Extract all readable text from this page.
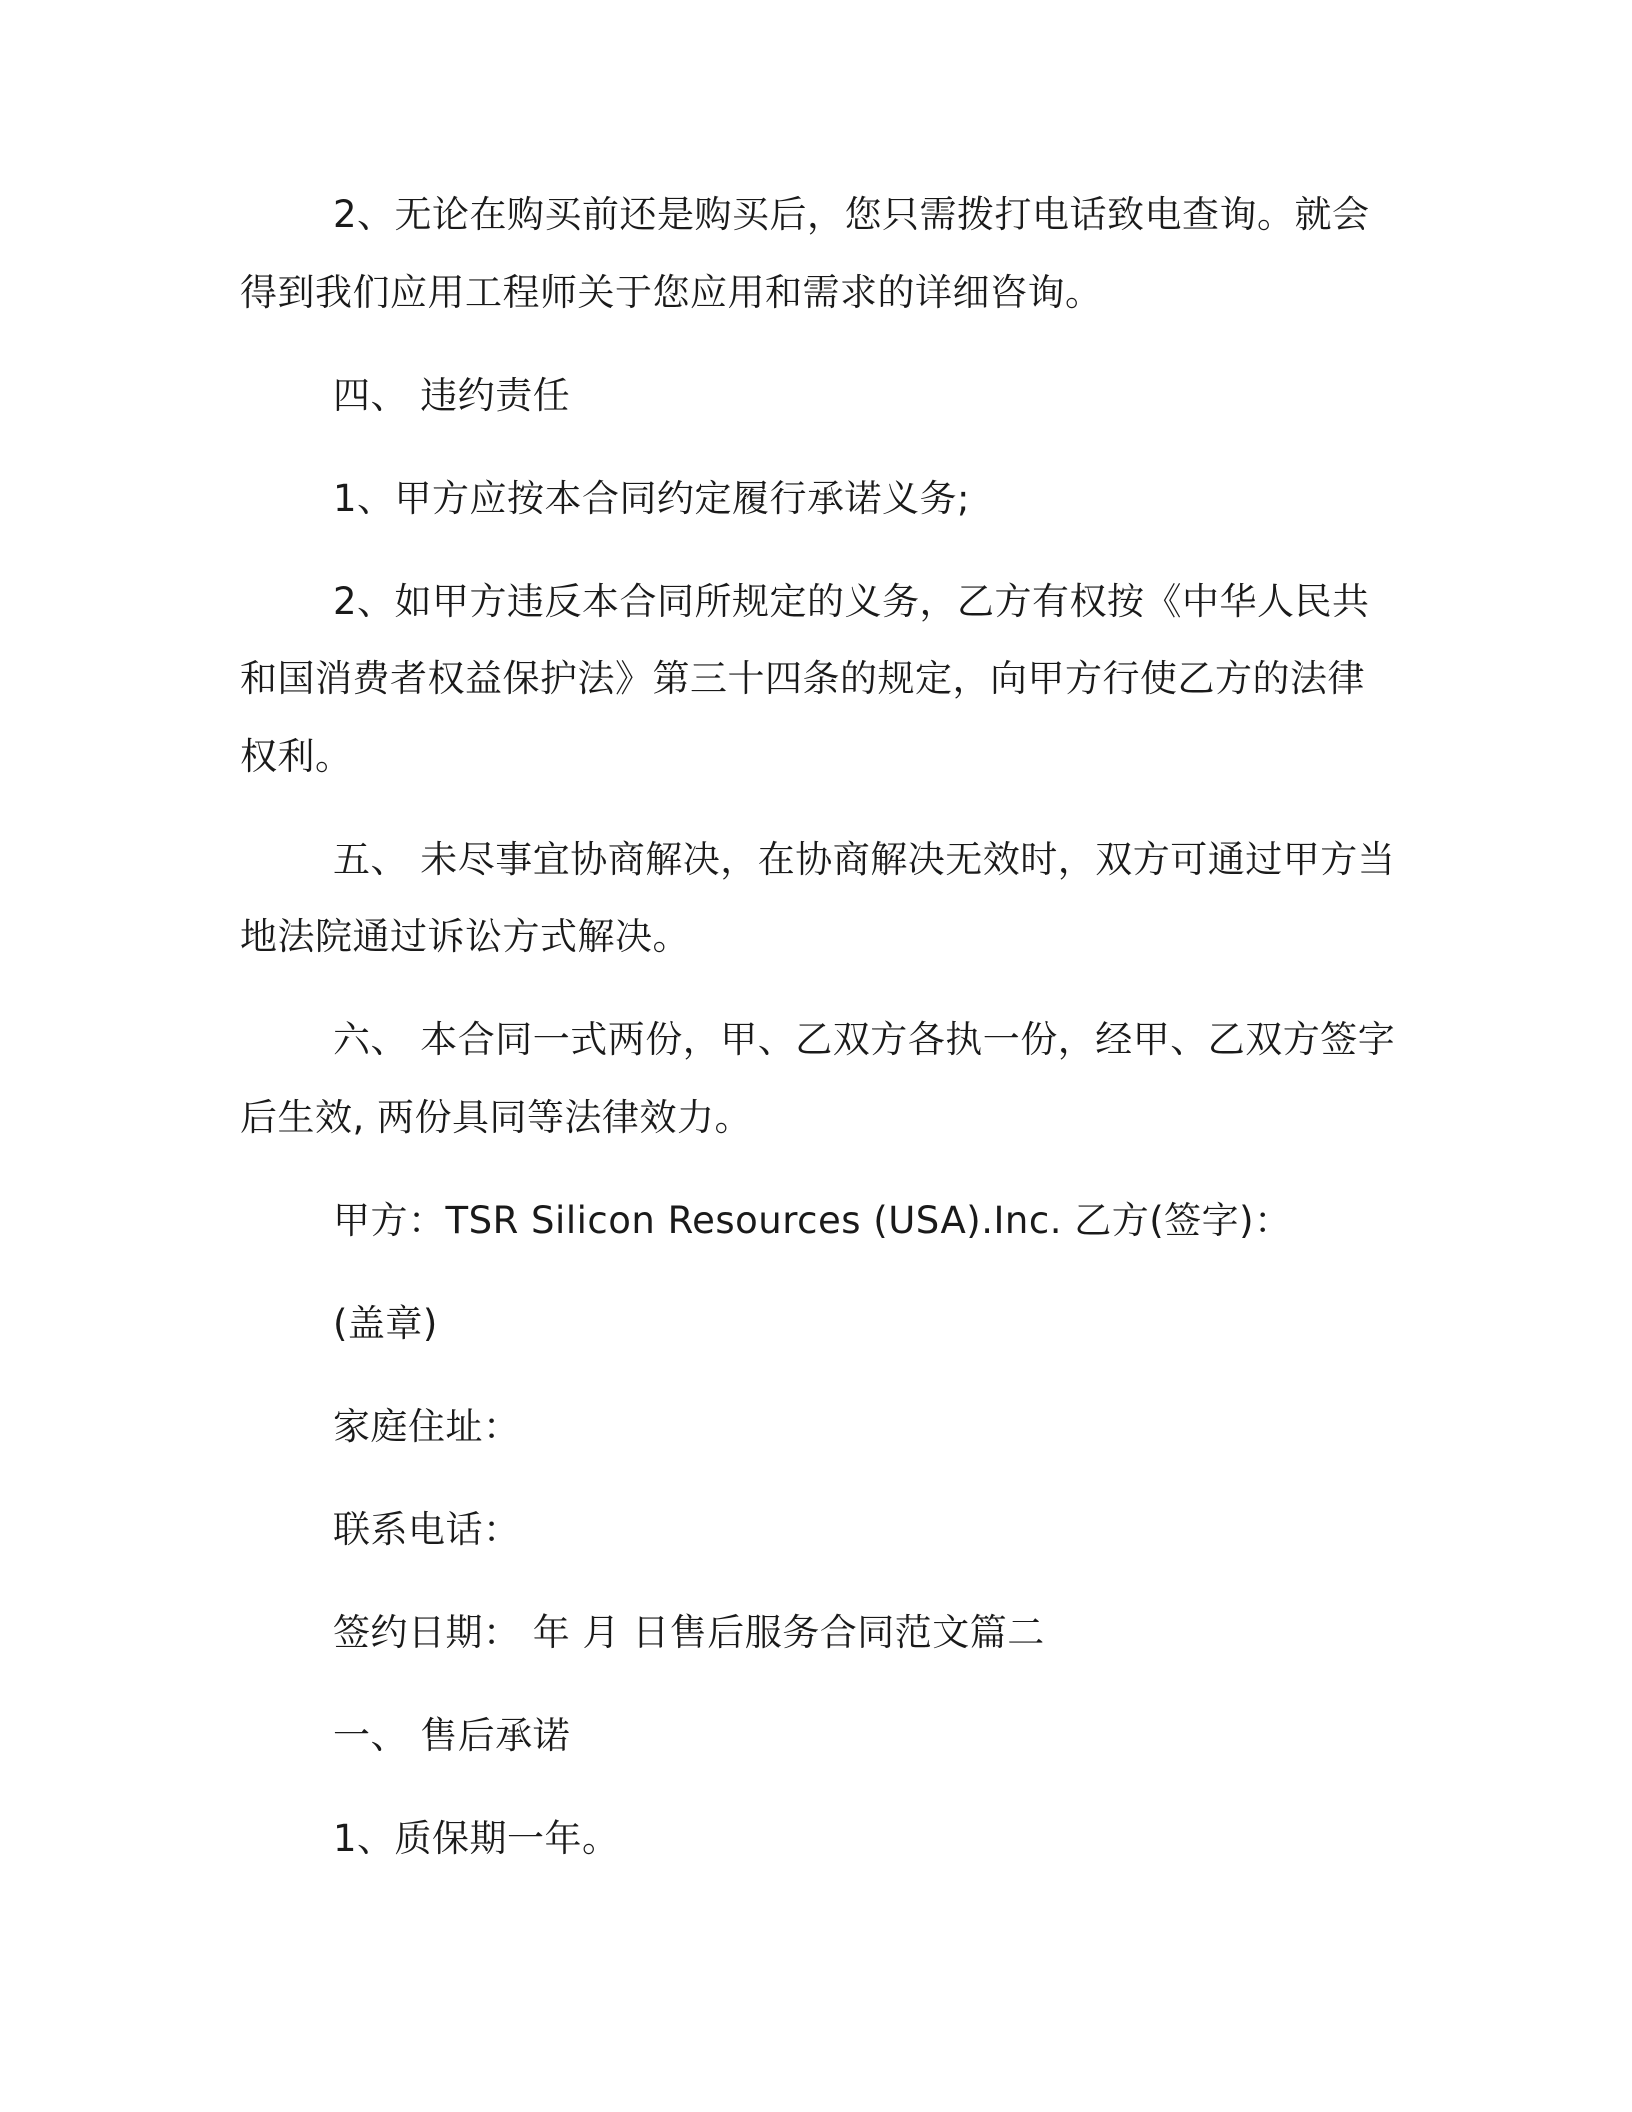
2、无论在购买前还是购买后，您只需拨打电话致电查询。就会
得到我们应用工程师关于您应用和需求的详细咨询。
四、 违约责任
1、甲方应按本合同约定履行承诺义务;
2、如甲方违反本合同所规定的义务，乙方有权按《中华人民共
和国消费者权益保护法》第三十四条的规定，向甲方行使乙方的法律
权利。
五、 未尽事宜协商解决，在协商解决无效时，双方可通过甲方当
地法院通过诉讼方式解决。
六、 本合同一式两份，甲、乙双方各执一份，经甲、乙双方签字
后生效, 两份具同等法律效力。
甲方：TSR Silicon Resources (USA).Inc. 乙方(签字)：
(盖章)
家庭住址：
联系电话：
签约日期： 年 月 日售后服务合同范文篇二
一、 售后承诺
1、质保期一年。
